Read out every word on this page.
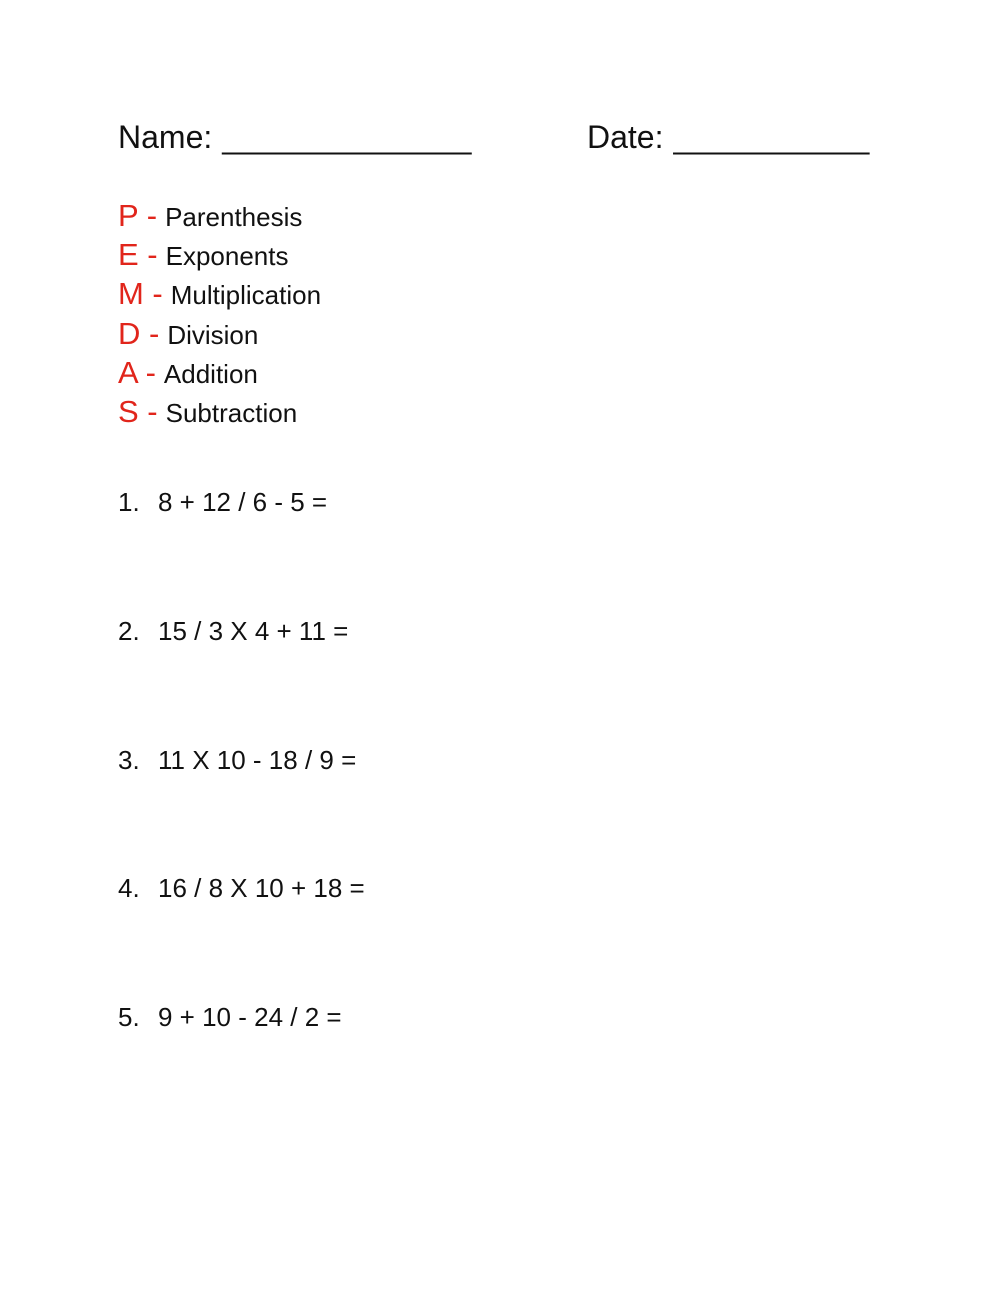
Name: ______________	Date: ___________
P - Parenthesis
E - Exponents
M - Multiplication
D - Division
A - Addition
S - Subtraction
1. 8 + 12 / 6 - 5 =
2. 15 / 3 X 4 + 11 =
3. 11 X 10 - 18 / 9 =
4. 16 / 8 X 10 + 18 =
5. 9 + 10 - 24 / 2 =
